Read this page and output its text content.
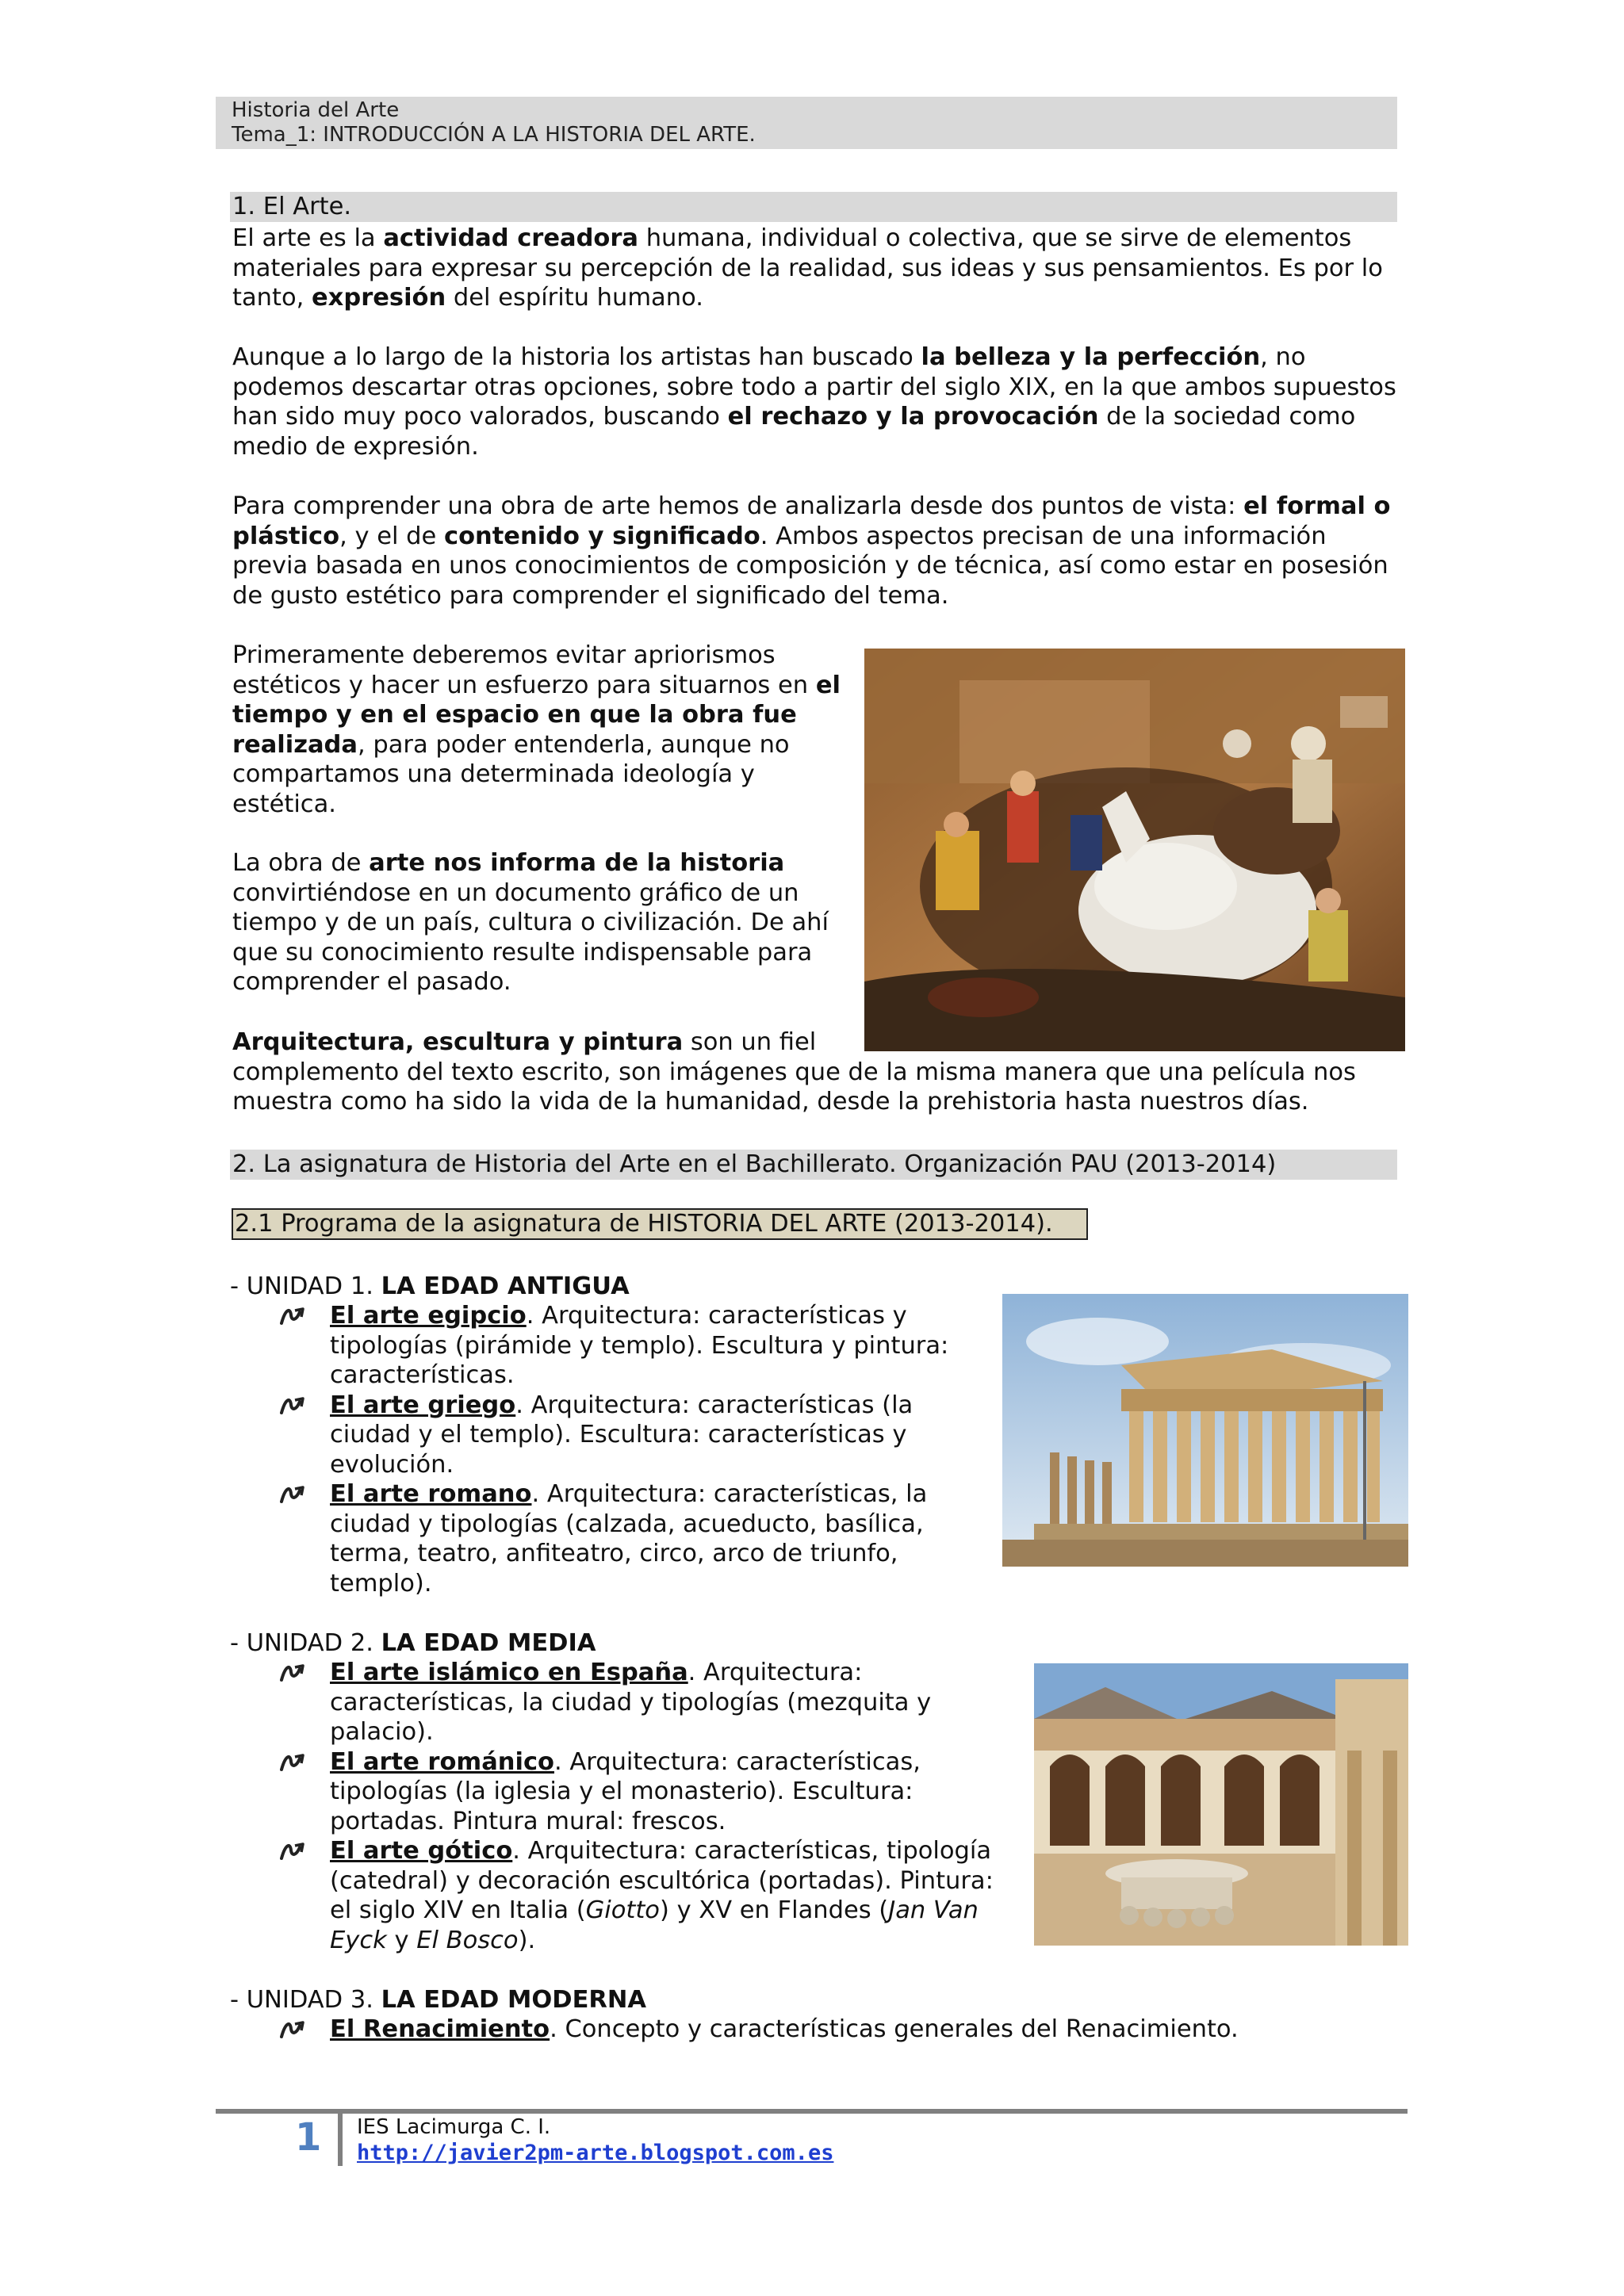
Historia del Arte
Tema_1: INTRODUCCIÓN A LA HISTORIA DEL ARTE.
1. El Arte.
El arte es la actividad creadora humana, individual o colectiva, que se sirve de elementos materiales para expresar su percepción de la realidad, sus ideas y sus pensamientos. Es por lo tanto, expresión del espíritu humano.
Aunque a lo largo de la historia los artistas han buscado la belleza y la perfección, no podemos descartar otras opciones, sobre todo a partir del siglo XIX, en la que ambos supuestos han sido muy poco valorados, buscando el rechazo y la provocación de la sociedad como medio de expresión.
Para comprender una obra de arte hemos de analizarla desde dos puntos de vista: el formal o plástico, y el de contenido y significado. Ambos aspectos precisan de una información previa basada en unos conocimientos de composición y de técnica, así como estar en posesión de gusto estético para comprender el significado del tema.
Primeramente deberemos evitar apriorismos estéticos y hacer un esfuerzo para situarnos en el tiempo y en el espacio en que la obra fue realizada, para poder entenderla, aunque no compartamos una determinada ideología y estética.
La obra de arte nos informa de la historia convirtiéndose en un documento gráfico de un tiempo y de un país, cultura o civilización. De ahí que su conocimiento resulte indispensable para comprender el pasado.
Arquitectura, escultura y pintura son un fiel
complemento del texto escrito, son imágenes que de la misma manera que una película nos muestra como ha sido la vida de la humanidad, desde la prehistoria hasta nuestros días.
2. La asignatura de Historia del Arte en el Bachillerato. Organización PAU (2013-2014)
2.1 Programa de la asignatura de HISTORIA DEL ARTE (2013-2014).
- UNIDAD 1. LA EDAD ANTIGUA
El arte egipcio. Arquitectura: características y tipologías (pirámide y templo). Escultura y pintura: características.
El arte griego. Arquitectura: características (la ciudad y el templo). Escultura: características y evolución.
El arte romano. Arquitectura: características, la ciudad y tipologías (calzada, acueducto, basílica, terma, teatro, anfiteatro, circo, arco de triunfo, templo).
- UNIDAD 2. LA EDAD MEDIA
El arte islámico en España. Arquitectura: características, la ciudad y tipologías (mezquita y palacio).
El arte románico. Arquitectura: características, tipologías (la iglesia y el monasterio). Escultura: portadas. Pintura mural: frescos.
El arte gótico. Arquitectura: características, tipología (catedral) y decoración escultórica (portadas). Pintura: el siglo XIV en Italia (Giotto) y XV en Flandes (Jan Van Eyck y El Bosco).
- UNIDAD 3. LA EDAD MODERNA
El Renacimiento. Concepto y características generales del Renacimiento.
1 IES Lacimurga C. I.
http://javier2pm-arte.blogspot.com.es
